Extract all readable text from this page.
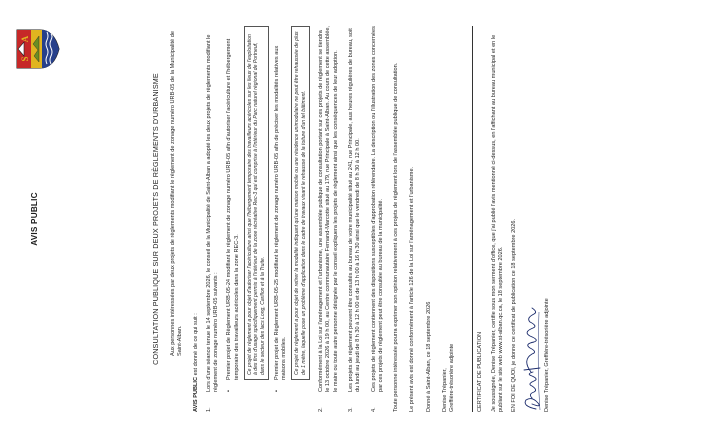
S
A
AVIS PUBLIC	CONSULTATION PUBLIQUE SUR DEUX PROJETS DE RÈGLEMENTS D'URBANISME Aux personnes intéressées par deux projets de règlements modifiant le règlement de zonage numéro URB-05 de la Municipalité de Saint-Alban.

AVIS PUBLIC est donné de ce qui suit :

1.

Lors d'une séance tenue le 14 septembre 2026, le conseil de la Municipalité de Saint-Alban a adopté les deux projets de règlements modifiant le règlement de zonage numéro URB-05 suivants : •
Premier projet de Règlement URB-05-24 modifiant le règlement de zonage numéro URB-05 afin d'autoriser l'acériculture et l'hébergement temporaire des travailleurs acéricoles dans la zone REC-3.	Ce projet de règlement a pour objet d'autoriser l'acériculture ainsi que l'hébergement temporaire des travailleurs acéricoles sur les lieux de l'exploitation à des fins d'usage spécifiquement permis à l'intérieur de la zone récréative Rec-3 qui est comprise à l'intérieur du Parc naturel régional de Portneuf, dans le secteur des lacs Long, Carillon et à la Truite.
•
Premier projet de Règlement URB-05-25 modifiant le règlement de zonage numéro URB-05 afin de préciser les modalités relatives aux maisons mobiles.	Ce projet de règlement a pour objet de retirer la modalité indiquant qu'une maison mobile ou une résidence unimodulaire ne peut être rehaussée de plus de 1 mètre, laquelle pose un problème d'application dans le cadre de travaux visant le rehausse de la toiture d'un tel bâtiment.
2.

Conformément à la Loi sur l'aménagement et l'urbanisme, une assemblée publique de consultation portant sur ces projets de règlement se tiendra le 13 octobre 2026 à 19 h 00, au Centre communautaire Fernand-Marcotte situé au 179, rue Principale à Saint-Alban. Au cours de cette assemblée, le maire ou toute autre personne désignée par le conseil expliquera les projets de règlement ainsi que les conséquences de leur adoption.

3.

Les projets de règlement peuvent être consultés au bureau de votre municipalité situé au 241, rue Principale, aux heures régulières de bureau, soit du lundi au jeudi de 8 h 30 à 12 h 00 et de 13 h 00 à 16 h 30 ainsi que le vendredi de 8 h 30 à 12 h 00.

4.

Ces projets de règlement contiennent des dispositions susceptibles d'approbation référendaire. La description ou l'illustration des zones concernées par ces projets de règlement peut être consultée au bureau de la municipalité. Toute personne intéressée pourra exprimer son opinion relativement à ces projets de règlement lors de l'assemblée publique de consultation. Le présent avis est donné conformément à l'article 126 de la Loi sur l'aménagement et l'urbanisme. Donné à Saint-Alban, ce 18 septembre 2026 Denise Trépanier, Greffière-trésorière adjointe	CERTIFICAT DE PUBLICATION Je soussignée, Denise Trépanier, certifie sous mon serment d'office, que j'ai publié l'avis mentionné ci-dessus, en l'affichant au bureau municipal et en le publiant sur le site web www.st-alban.qc.ca, le 18 septembre 2026. EN FOI DE QUOI, je donne ce certificat de publication ce 18 septembre 2026.	Denise Trépanier, Greffière-trésorière adjointe
